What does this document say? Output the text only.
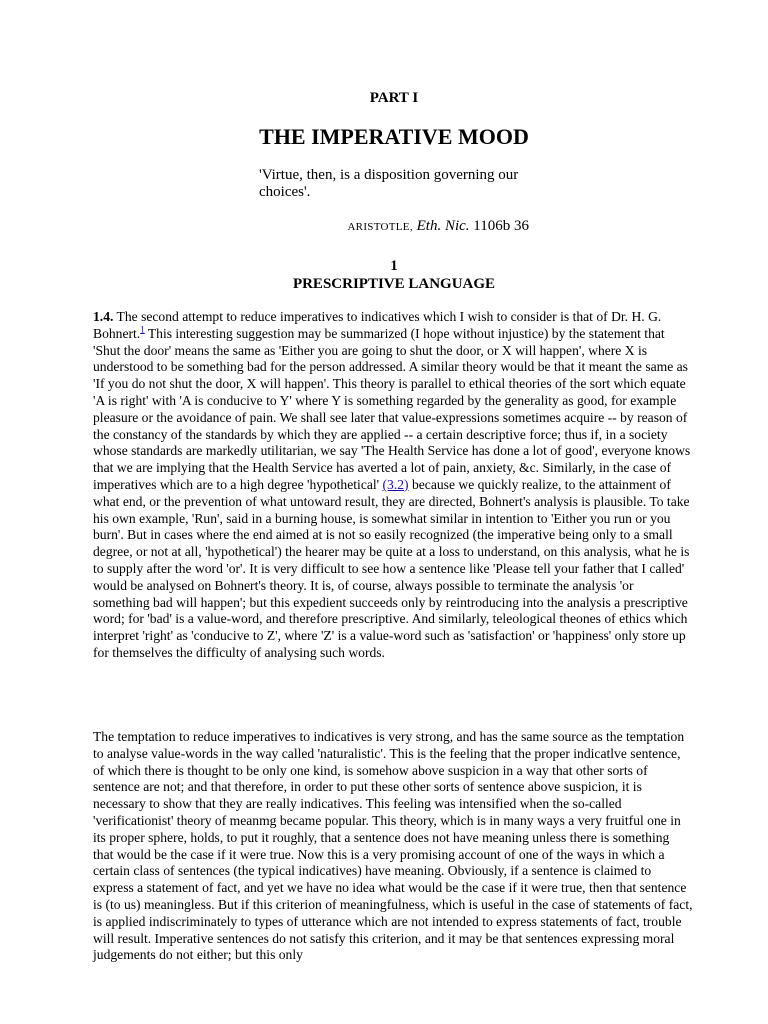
PART I
THE IMPERATIVE MOOD
'Virtue, then, is a disposition governing our choices'.
ARISTOTLE, Eth. Nic. 1106b 36
1
PRESCRIPTIVE LANGUAGE

1.4. The second attempt to reduce imperatives to indicatives which I wish to consider is that of Dr. H. G. Bohnert.$^1$ This interesting suggestion may be summarized (I hope without injustice) by the statement that 'Shut the door' means the same as 'Either you are going to shut the door, or X will happen', where X is understood to be something bad for the person addressed. A similar theory would be that it meant the same as 'If you do not shut the door, X will happen'. This theory is parallel to ethical theories of the sort which equate 'A is right' with 'A is conducive to Y' where Y is something regarded by the generality as good, for example pleasure or the avoidance of pain. We shall see later that value-expressions sometimes acquire -- by reason of the constancy of the standards by which they are applied -- a certain descriptive force; thus if, in a society whose standards are markedly utilitarian, we say 'The Health Service has done a lot of good', everyone knows that we are implying that the Health Service has averted a lot of pain, anxiety, &c. Similarly, in the case of imperatives which are to a high degree 'hypothetical' (3.2) because we quickly realize, to the attainment of what end, or the prevention of what untoward result, they are directed, Bohnert's analysis is plausible. To take his own example, 'Run', said in a burning house, is somewhat similar in intention to 'Either you run or you burn'. But in cases where the end aimed at is not so easily recognized (the imperative being only to a small degree, or not at all, 'hypothetical') the hearer may be quite at a loss to understand, on this analysis, what he is to supply after the word 'or'. It is very difficult to see how a sentence like 'Please tell your father that I called' would be analysed on Bohnert's theory. It is, of course, always possible to terminate the analysis 'or something bad will happen'; but this expedient succeeds only by reintroducing into the analysis a prescriptive word; for 'bad' is a value-word, and therefore prescriptive. And similarly, teleological theones of ethics which interpret 'right' as 'conducive to Z', where 'Z' is a value-word such as 'satisfaction' or 'happiness' only store up for themselves the difficulty of analysing such words.

The temptation to reduce imperatives to indicatives is very strong, and has the same source as the temptation to analyse value-words in the way called 'naturalistic'. This is the feeling that the proper indicatlve sentence, of which there is thought to be only one kind, is somehow above suspicion in a way that other sorts of sentence are not; and that therefore, in order to put these other sorts of sentence above suspicion, it is necessary to show that they are really indicatives. This feeling was intensified when the so-called 'verificationist' theory of meanmg became popular. This theory, which is in many ways a very fruitful one in its proper sphere, holds, to put it roughly, that a sentence does not have meaning unless there is something that would be the case if it were true. Now this is a very promising account of one of the ways in which a certain class of sentences (the typical indicatives) have meaning. Obviously, if a sentence is claimed to express a statement of fact, and yet we have no idea what would be the case if it were true, then that sentence is (to us) meaningless. But if this criterion of meaningfulness, which is useful in the case of statements of fact, is applied indiscriminately to types of utterance which are not intended to express statements of fact, trouble will result. Imperative sentences do not satisfy this criterion, and it may be that sentences expressing moral judgements do not either; but this only
